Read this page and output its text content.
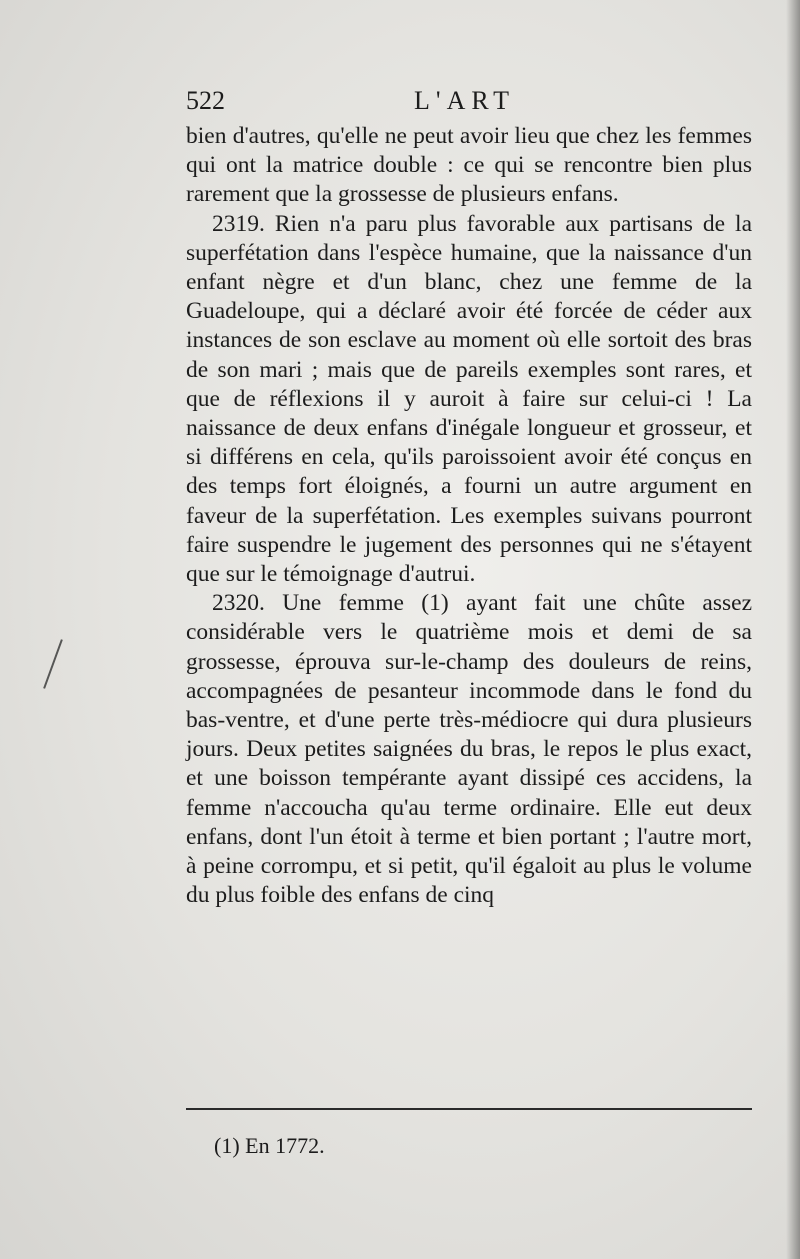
522	L'ART

bien d'autres, qu'elle ne peut avoir lieu que chez les femmes qui ont la matrice double : ce qui se rencontre bien plus rarement que la grossesse de plusieurs enfans.

2319. Rien n'a paru plus favorable aux partisans de la superfétation dans l'espèce humaine, que la naissance d'un enfant nègre et d'un blanc, chez une femme de la Guadeloupe, qui a déclaré avoir été forcée de céder aux instances de son esclave au moment où elle sortoit des bras de son mari ; mais que de pareils exemples sont rares, et que de réflexions il y auroit à faire sur celui-ci ! La naissance de deux enfans d'inégale longueur et grosseur, et si différens en cela, qu'ils paroissoient avoir été conçus en des temps fort éloignés, a fourni un autre argument en faveur de la superfétation. Les exemples suivans pourront faire suspendre le jugement des personnes qui ne s'étayent que sur le témoignage d'autrui.

2320. Une femme (1) ayant fait une chûte assez considérable vers le quatrième mois et demi de sa grossesse, éprouva sur-le-champ des douleurs de reins, accompagnées de pesanteur incommode dans le fond du bas-ventre, et d'une perte très-médiocre qui dura plusieurs jours. Deux petites saignées du bras, le repos le plus exact, et une boisson tempérante ayant dissipé ces accidens, la femme n'accoucha qu'au terme ordinaire. Elle eut deux enfans, dont l'un étoit à terme et bien portant ; l'autre mort, à peine corrompu, et si petit, qu'il égaloit au plus le volume du plus foible des enfans de cinq

(1) En 1772.
